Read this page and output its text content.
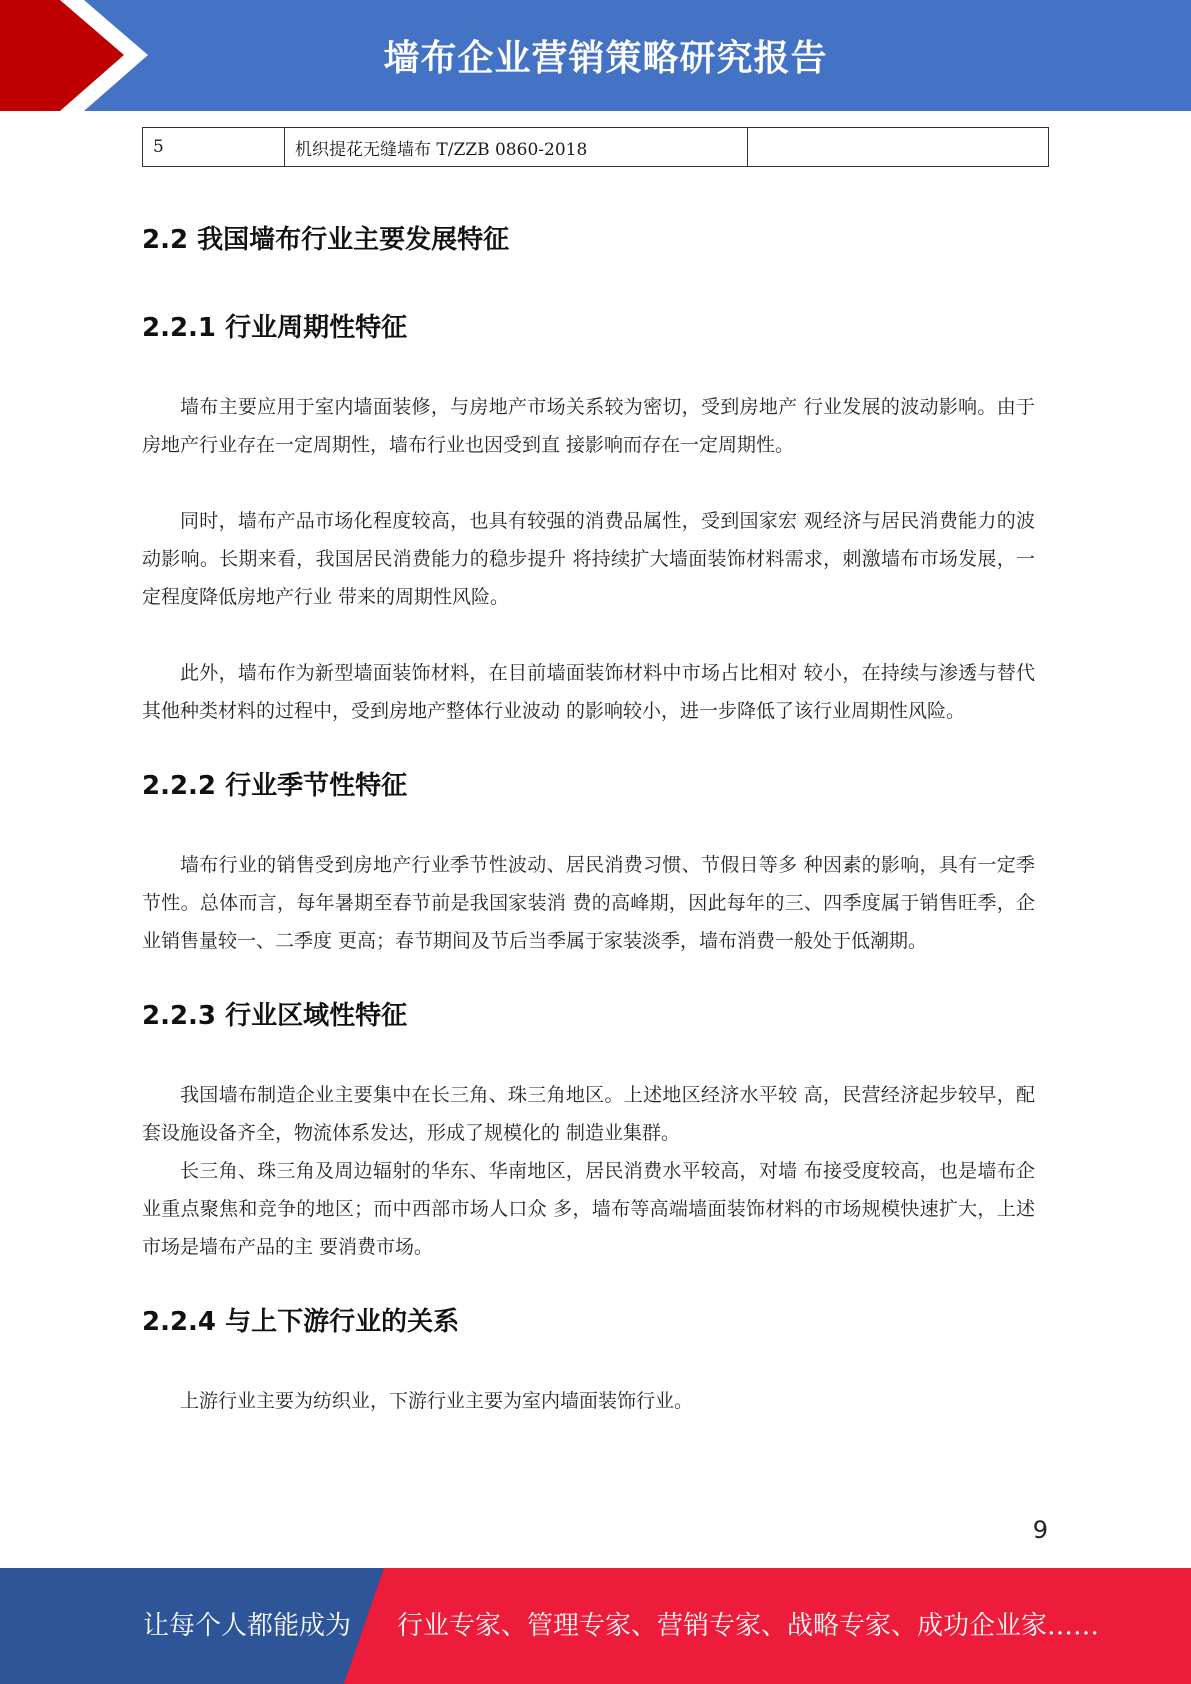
墙布企业营销策略研究报告
5	机织提花无缝墙布 T/ZZB 0860-2018	
2.2 我国墙布行业主要发展特征
2.2.1 行业周期性特征

墙布主要应用于室内墙面装修，与房地产市场关系较为密切，受到房地产 行业发展的波动影响。由于房地产行业存在一定周期性，墙布行业也因受到直 接影响而存在一定周期性。

同时，墙布产品市场化程度较高，也具有较强的消费品属性，受到国家宏 观经济与居民消费能力的波动影响。长期来看，我国居民消费能力的稳步提升 将持续扩大墙面装饰材料需求，刺激墙布市场发展，一定程度降低房地产行业 带来的周期性风险。

此外，墙布作为新型墙面装饰材料，在目前墙面装饰材料中市场占比相对 较小，在持续与渗透与替代其他种类材料的过程中，受到房地产整体行业波动 的影响较小，进一步降低了该行业周期性风险。

2.2.2 行业季节性特征

墙布行业的销售受到房地产行业季节性波动、居民消费习惯、节假日等多 种因素的影响，具有一定季节性。总体而言，每年暑期至春节前是我国家装消 费的高峰期，因此每年的三、四季度属于销售旺季，企业销售量较一、二季度 更高；春节期间及节后当季属于家装淡季，墙布消费一般处于低潮期。

2.2.3 行业区域性特征

我国墙布制造企业主要集中在长三角、珠三角地区。上述地区经济水平较 高，民营经济起步较早，配套设施设备齐全，物流体系发达，形成了规模化的 制造业集群。

长三角、珠三角及周边辐射的华东、华南地区，居民消费水平较高，对墙 布接受度较高，也是墙布企业重点聚焦和竞争的地区；而中西部市场人口众 多，墙布等高端墙面装饰材料的市场规模快速扩大，上述市场是墙布产品的主 要消费市场。

2.2.4 与上下游行业的关系

上游行业主要为纺织业，下游行业主要为室内墙面装饰行业。

9
让每个人都能成为 行业专家、管理专家、营销专家、战略专家、成功企业家……
